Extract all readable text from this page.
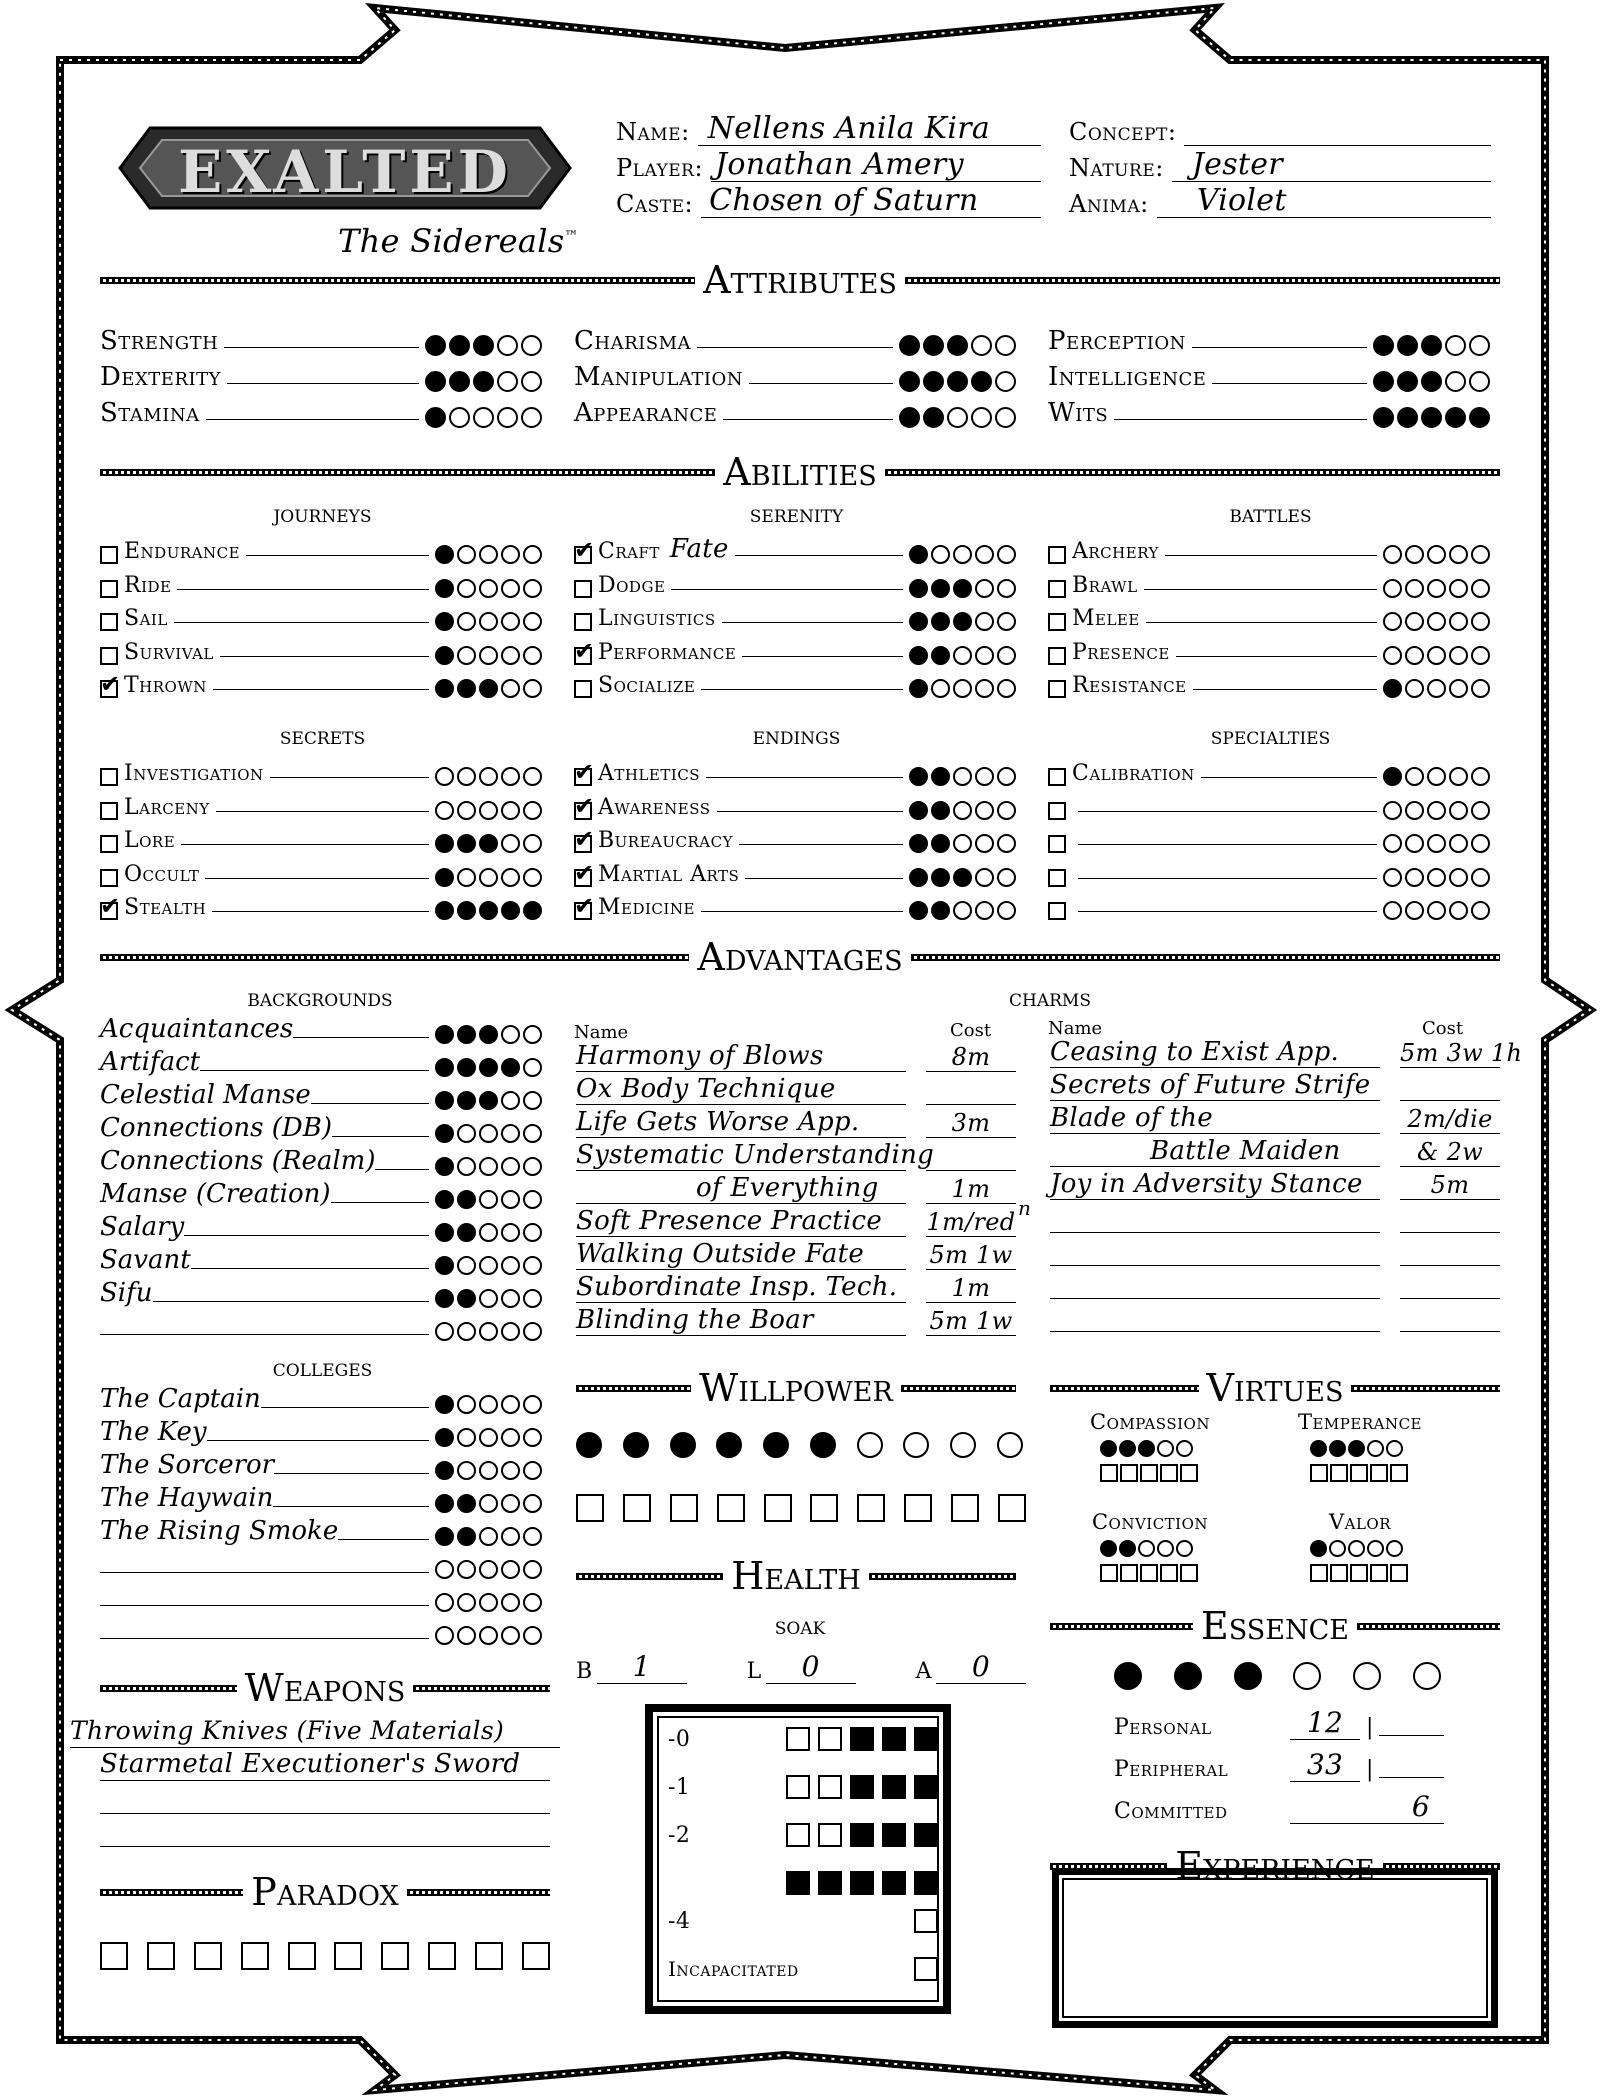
EXALTED
The Sidereals™
Name: Nellens Anila Kira
Player: Jonathan Amery
Caste: Chosen of Saturn
Concept:
Nature: Jester
Anima:	Violet
Attributes
Strength
Dexterity
Stamina
Charisma
Manipulation
Appearance
Perception
Intelligence
Wits
Abilities
journeys
Endurance
Ride
Sail
Survival
✔
Thrown
serenity
✔
Craft Fate
Dodge
Linguistics
✔
Performance
Socialize
battles
Archery
Brawl
Melee
Presence
Resistance
secrets
Investigation
Larceny
Lore
Occult
✔
Stealth
endings
✔
Athletics
✔
Awareness
✔
Bureaucracy
✔
Martial Arts
✔
Medicine
specialties
Calibration
Advantages
backgrounds
Acquaintances
Artifact
Celestial Manse
Connections (DB)
Connections (Realm)
Manse (Creation)
Salary
Savant
Sifu
charms
Name	Cost	Name	Cost
Harmony of Blows	8m
Ox Body Technique
Life Gets Worse App.	3m
Systematic Understanding
of Everything	1m
Soft Presence Practice	1m/red
Walking Outside Fate	5m 1w
Subordinate Insp. Tech.	1m
Blinding the Boar	5m 1w
n
Ceasing to Exist App.	5m 3w 1h
Secrets of Future Strife
Blade of the	2m/die
Battle Maiden	& 2w
Joy in Adversity Stance	5m
colleges
The Captain
The Key
The Sorceror
The Haywain
The Rising Smoke
Willpower	Virtues
Compassion	Temperance
Conviction	Valor
Health
soak
B	1	L	0	A	0
-0
-1
-2
-4
Incapacitated
Essence
Personal	12	|
Peripheral	33	|
Committed	6
Weapons
Throwing Knives (Five Materials)
Starmetal Executioner's Sword
Paradox
Experience
